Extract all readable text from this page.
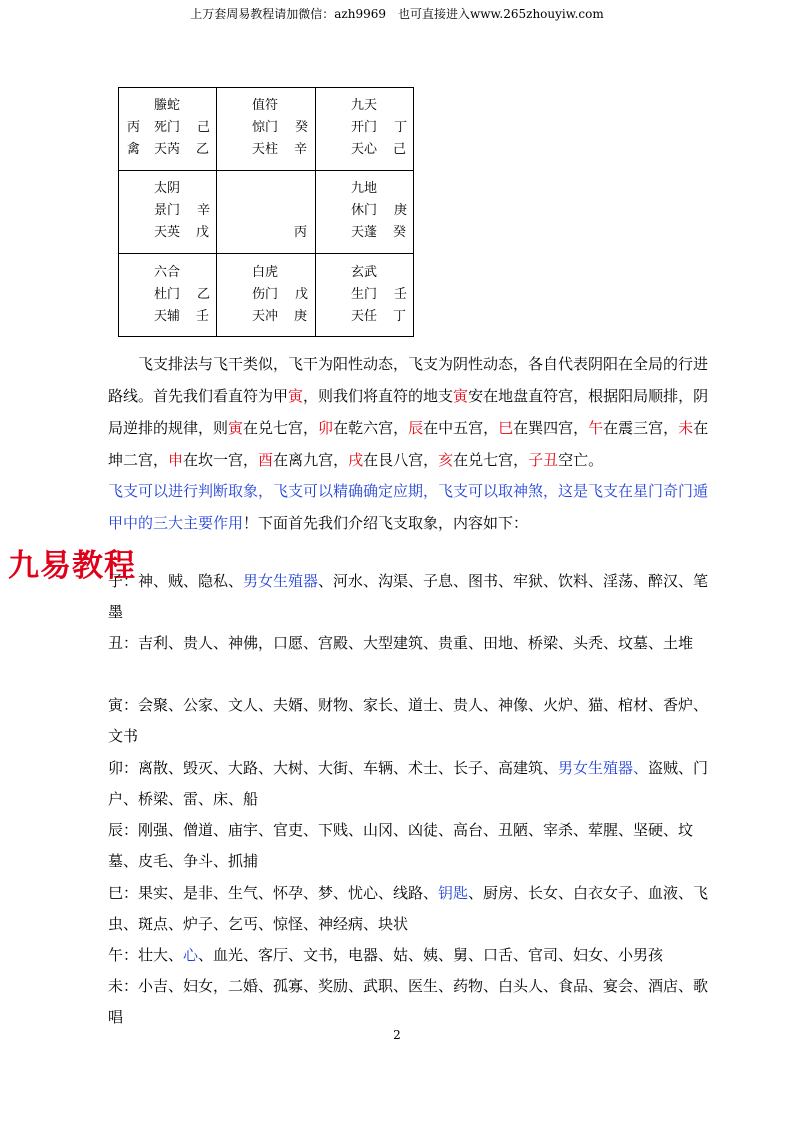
上万套周易教程请加微信：azh9969　也可直接进入www.265zhouyiw.com
螣蛇
丙 死门 己
禽 天芮 乙
值符
惊门 癸
天柱 辛
九天
开门 丁
天心 己
太阴
景门 辛
天英 戊	丙
九地
休门 庚
天蓬 癸
六合
杜门 乙
天辅 壬
白虎
伤门 戊
天冲 庚
玄武
生门 壬
天任 丁
飞支排法与飞干类似，飞干为阳性动态，飞支为阴性动态，各自代表阴阳在全局的行进路线。首先我们看直符为甲寅，则我们将直符的地支寅安在地盘直符宫，根据阳局顺排，阴局逆排的规律，则寅在兑七宫，卯在乾六宫，辰在中五宫，巳在巽四宫，午在震三宫，未在坤二宫，申在坎一宫，酉在离九宫，戌在艮八宫，亥在兑七宫，子丑空亡。
飞支可以进行判断取象，飞支可以精确确定应期，飞支可以取神煞，这是飞支在星门奇门遁甲中的三大主要作用！下面首先我们介绍飞支取象，内容如下：
九易教程
子：神、贼、隐私、男女生殖器、河水、沟渠、子息、图书、牢狱、饮料、淫荡、醉汉、笔墨
丑：吉利、贵人、神佛，口愿、宫殿、大型建筑、贵重、田地、桥梁、头秃、坟墓、土堆
寅：会聚、公家、文人、夫婿、财物、家长、道士、贵人、神像、火炉、猫、棺材、香炉、文书
卯：离散、毁灭、大路、大树、大街、车辆、术士、长子、高建筑、男女生殖器、盗贼、门户、桥梁、雷、床、船
辰：刚强、僧道、庙宇、官吏、下贱、山冈、凶徒、高台、丑陋、宰杀、荤腥、坚硬、坟墓、皮毛、争斗、抓捕
巳：果实、是非、生气、怀孕、梦、忧心、线路、钥匙、厨房、长女、白衣女子、血液、飞虫、斑点、炉子、乞丐、惊怪、神经病、块状
午：壮大、心、血光、客厅、文书，电器、姑、姨、舅、口舌、官司、妇女、小男孩
未：小吉、妇女，二婚、孤寡、奖励、武职、医生、药物、白头人、食品、宴会、酒店、歌唱
2
